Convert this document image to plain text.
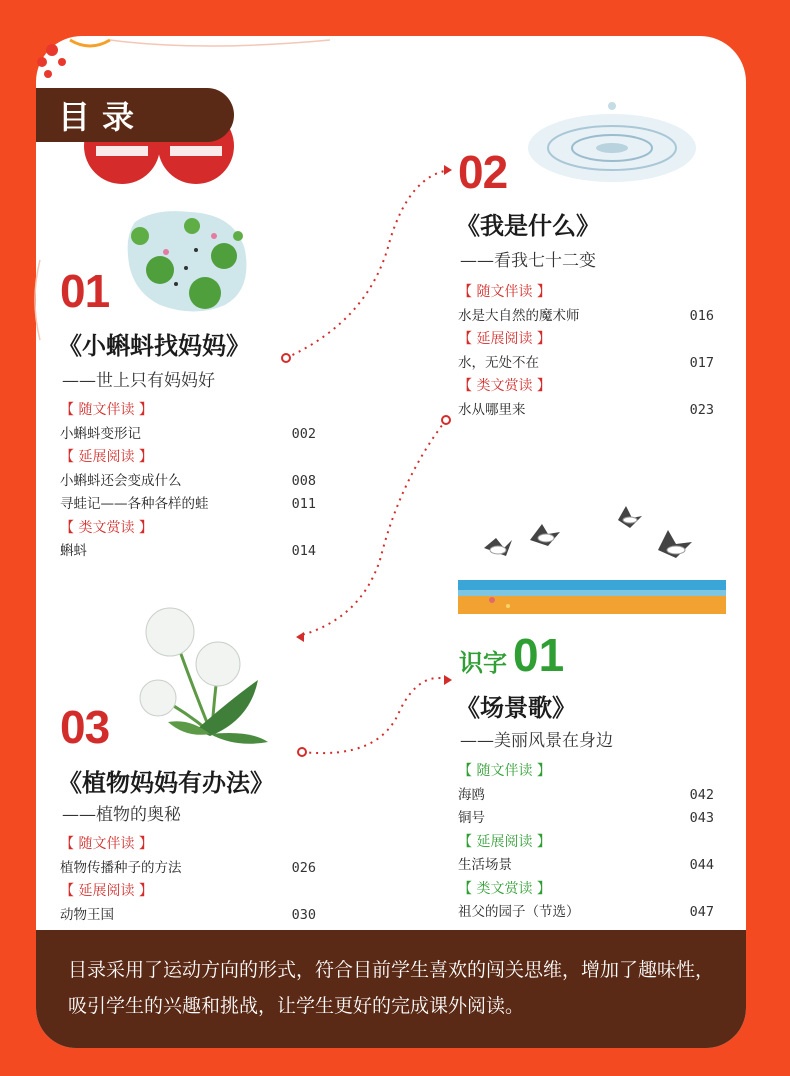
目录
01
《小蝌蚪找妈妈》
——世上只有妈妈好
【 随文伴读 】
小蝌蚪变形记	002
【 延展阅读 】
小蝌蚪还会变成什么	008
寻蛙记——各种各样的蛙	011
【 类文赏读 】
蝌蚪	014
02
《我是什么》
——看我七十二变
【 随文伴读 】
水是大自然的魔术师	016
【 延展阅读 】
水，无处不在	017
【 类文赏读 】
水从哪里来	023
03
《植物妈妈有办法》
——植物的奥秘
【 随文伴读 】
植物传播种子的方法	026
【 延展阅读 】
动物王国	030
识字 01
《场景歌》
——美丽风景在身边
【 随文伴读 】
海鸥	042
铜号	043
【 延展阅读 】
生活场景	044
【 类文赏读 】
祖父的园子（节选）	047
目录采用了运动方向的形式，符合目前学生喜欢的闯关思维，增加了趣味性，吸引学生的兴趣和挑战，让学生更好的完成课外阅读。
